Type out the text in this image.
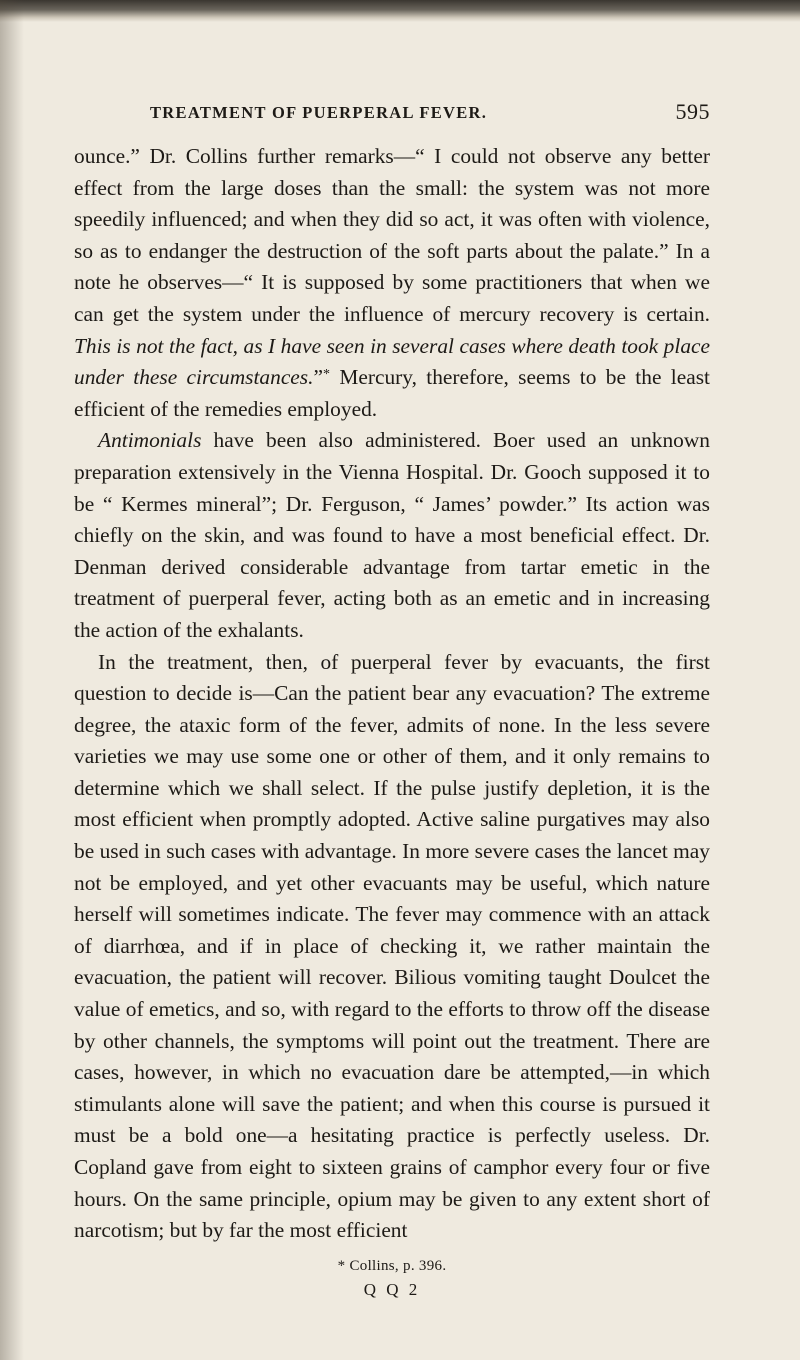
TREATMENT OF PUERPERAL FEVER.	595

ounce.” Dr. Collins further remarks—“ I could not observe any better effect from the large doses than the small: the system was not more speedily influenced; and when they did so act, it was often with violence, so as to endanger the destruction of the soft parts about the palate.” In a note he observes—“ It is supposed by some practitioners that when we can get the system under the influence of mercury recovery is certain. This is not the fact, as I have seen in several cases where death took place under these circumstances.”* Mercury, therefore, seems to be the least efficient of the remedies employed.

Antimonials have been also administered. Boer used an unknown preparation extensively in the Vienna Hospital. Dr. Gooch supposed it to be “ Kermes mineral”; Dr. Ferguson, “ James’ powder.” Its action was chiefly on the skin, and was found to have a most beneficial effect. Dr. Denman derived considerable advantage from tartar emetic in the treatment of puerperal fever, acting both as an emetic and in increasing the action of the exhalants.

In the treatment, then, of puerperal fever by evacuants, the first question to decide is—Can the patient bear any evacuation? The extreme degree, the ataxic form of the fever, admits of none. In the less severe varieties we may use some one or other of them, and it only remains to determine which we shall select. If the pulse justify depletion, it is the most efficient when promptly adopted. Active saline purgatives may also be used in such cases with advantage. In more severe cases the lancet may not be employed, and yet other evacuants may be useful, which nature herself will sometimes indicate. The fever may commence with an attack of diarrhœa, and if in place of checking it, we rather maintain the evacuation, the patient will recover. Bilious vomiting taught Doulcet the value of emetics, and so, with regard to the efforts to throw off the disease by other channels, the symptoms will point out the treatment. There are cases, however, in which no evacuation dare be attempted,—in which stimulants alone will save the patient; and when this course is pursued it must be a bold one—a hesitating practice is perfectly useless. Dr. Copland gave from eight to sixteen grains of camphor every four or five hours. On the same principle, opium may be given to any extent short of narcotism; but by far the most efficient

* Collins, p. 396.
Q Q 2
